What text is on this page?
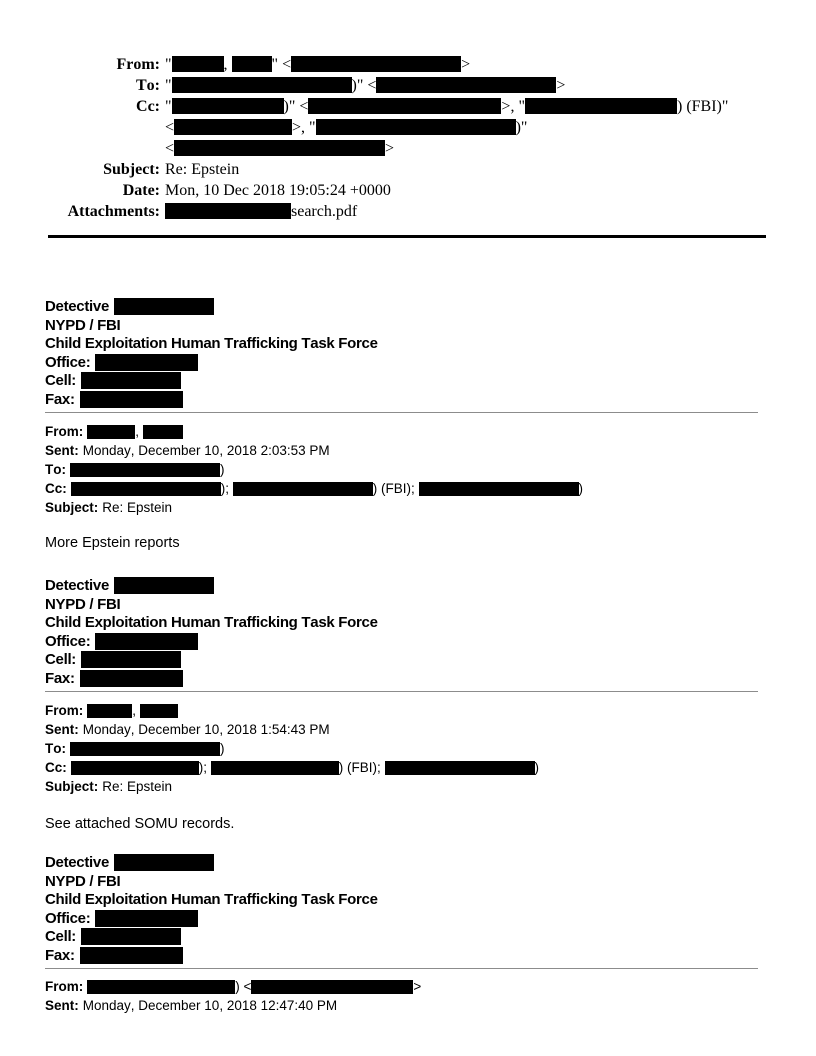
From: "	,	" <	>
To: "	)" <	>
Cc: "	)" <	>, "	) (FBI)"
<	>, "	)"
<	>
Subject: Re: Epstein
Date: Mon, 10 Dec 2018 19:05:24 +0000
Attachments:	search.pdf
Detective
NYPD / FBI
Child Exploitation Human Trafficking Task Force
Office:
Cell:
Fax:
From:	,
Sent: Monday, December 10, 2018 2:03:53 PM
To:	)
Cc:	);	) (FBI);	)
Subject: Re: Epstein
More Epstein reports
Detective
NYPD / FBI
Child Exploitation Human Trafficking Task Force
Office:
Cell:
Fax:
From:	,
Sent: Monday, December 10, 2018 1:54:43 PM
To:	)
Cc:	);	) (FBI);	)
Subject: Re: Epstein
See attached SOMU records.
Detective
NYPD / FBI
Child Exploitation Human Trafficking Task Force
Office:
Cell:
Fax:
From:	) <	>
Sent: Monday, December 10, 2018 12:47:40 PM
